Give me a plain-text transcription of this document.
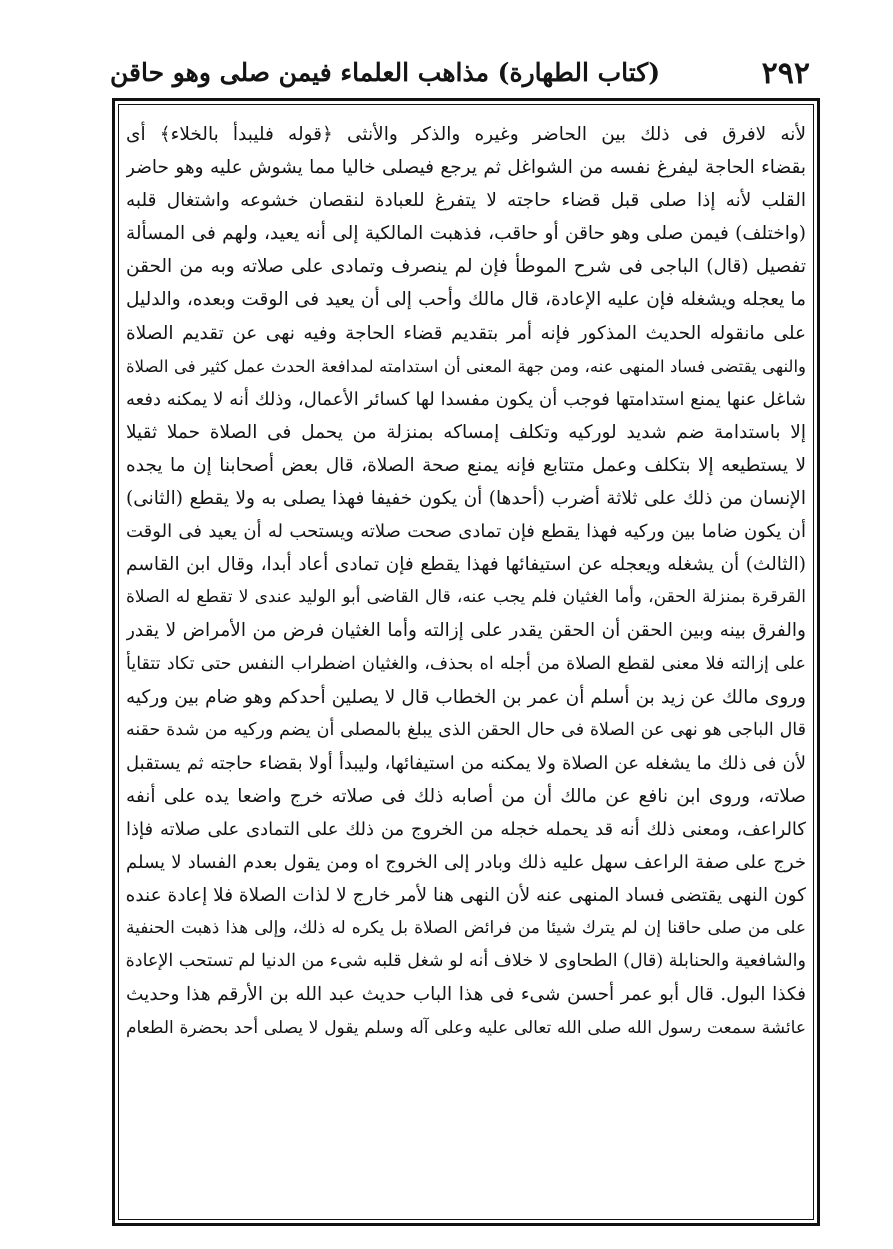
٢٩٢
(كتاب الطهارة) مذاهب العلماء فيمن صلى وهو حاقن
لأنه لافرق فى ذلك بين الحاضر وغيره والذكر والأنثى ﴿قوله فليبدأ بالخلاء﴾ أى
بقضاء الحاجة ليفرغ نفسه من الشواغل ثم يرجع فيصلى خاليا مما يشوش عليه وهو حاضر
القلب لأنه إذا صلى قبل قضاء حاجته لا يتفرغ للعبادة لنقصان خشوعه واشتغال قلبه
(واختلف) فيمن صلى وهو حاقن أو حاقب، فذهبت المالكية إلى أنه يعيد، ولهم فى المسألة
تفصيل (قال) الباجى فى شرح الموطأ فإن لم ينصرف وتمادى على صلاته وبه من الحقن
ما يعجله ويشغله فإن عليه الإعادة، قال مالك وأحب إلى أن يعيد فى الوقت وبعده، والدليل
على مانقوله الحديث المذكور فإنه أمر بتقديم قضاء الحاجة وفيه نهى عن تقديم الصلاة
والنهى يقتضى فساد المنهى عنه، ومن جهة المعنى أن استدامته لمدافعة الحدث عمل كثير فى الصلاة
شاغل عنها يمنع استدامتها فوجب أن يكون مفسدا لها كسائر الأعمال، وذلك أنه لا يمكنه دفعه
إلا باستدامة ضم شديد لوركيه وتكلف إمساكه بمنزلة من يحمل فى الصلاة حملا ثقيلا
لا يستطيعه إلا بتكلف وعمل متتابع فإنه يمنع صحة الصلاة، قال بعض أصحابنا إن ما يجده
الإنسان من ذلك على ثلاثة أضرب (أحدها) أن يكون خفيفا فهذا يصلى به ولا يقطع (الثانى)
أن يكون ضاما بين وركيه فهذا يقطع فإن تمادى صحت صلاته ويستحب له أن يعيد فى الوقت
(الثالث) أن يشغله ويعجله عن استيفائها فهذا يقطع فإن تمادى أعاد أبدا، وقال ابن القاسم
القرقرة بمنزلة الحقن، وأما الغثيان فلم يجب عنه، قال القاضى أبو الوليد عندى لا تقطع له الصلاة
والفرق بينه وبين الحقن أن الحقن يقدر على إزالته وأما الغثيان فرض من الأمراض لا يقدر
على إزالته فلا معنى لقطع الصلاة من أجله اه بحذف، والغثيان اضطراب النفس حتى تكاد تتقايأ
وروى مالك عن زيد بن أسلم أن عمر بن الخطاب قال لا يصلين أحدكم وهو ضام بين وركيه
قال الباجى هو نهى عن الصلاة فى حال الحقن الذى يبلغ بالمصلى أن يضم وركيه من شدة حقنه
لأن فى ذلك ما يشغله عن الصلاة ولا يمكنه من استيفائها، وليبدأ أولا بقضاء حاجته ثم يستقبل
صلاته، وروى ابن نافع عن مالك أن من أصابه ذلك فى صلاته خرج واضعا يده على أنفه
كالراعف، ومعنى ذلك أنه قد يحمله خجله من الخروج من ذلك على التمادى على صلاته فإذا
خرج على صفة الراعف سهل عليه ذلك وبادر إلى الخروج اه ومن يقول بعدم الفساد لا يسلم
كون النهى يقتضى فساد المنهى عنه لأن النهى هنا لأمر خارج لا لذات الصلاة فلا إعادة عنده
على من صلى حاقنا إن لم يترك شيئا من فرائض الصلاة بل يكره له ذلك، وإلى هذا ذهبت الحنفية
والشافعية والحنابلة (قال) الطحاوى لا خلاف أنه لو شغل قلبه شىء من الدنيا لم تستحب الإعادة
فكذا البول. قال أبو عمر أحسن شىء فى هذا الباب حديث عبد الله بن الأرقم هذا وحديث
عائشة سمعت رسول الله صلى الله تعالى عليه وعلى آله وسلم يقول لا يصلى أحد بحضرة الطعام
